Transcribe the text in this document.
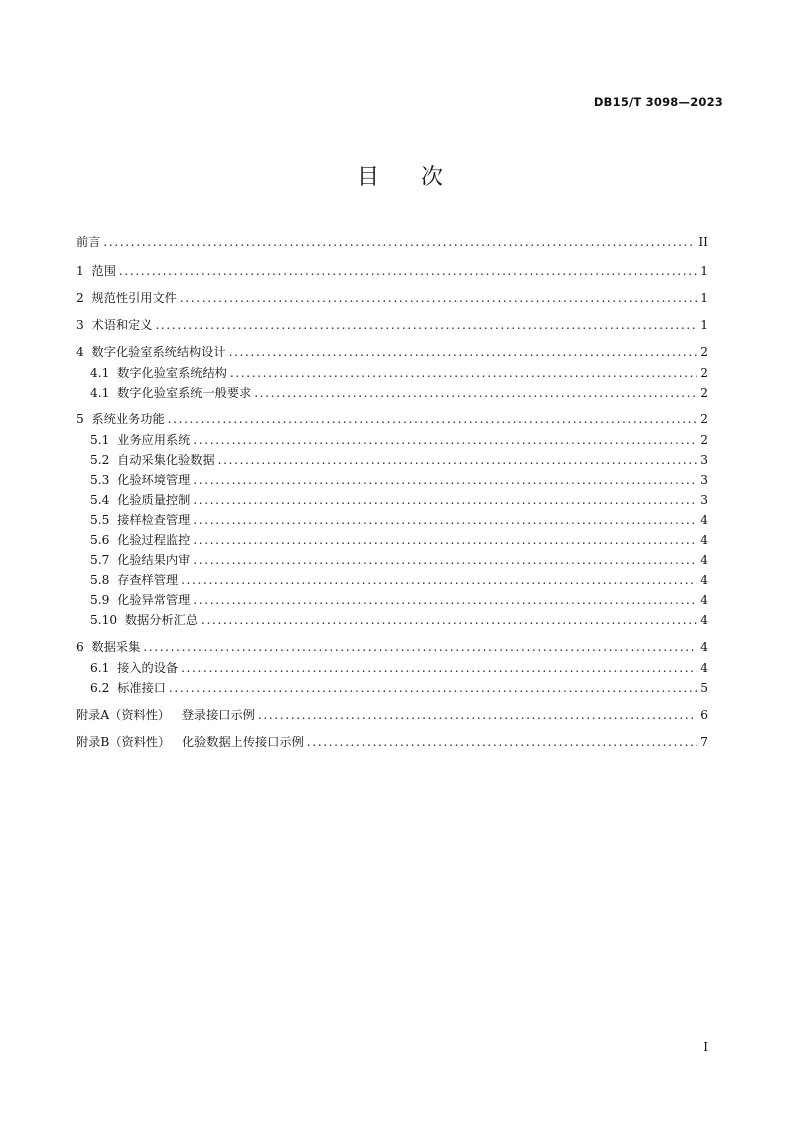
DB15/T 3098—2023
目 次
前言 .....	II
1 范围 .....	1
2 规范性引用文件 .....	1
3 术语和定义 .....	1
4 数字化验室系统结构设计 .....	2
4.1 数字化验室系统结构 .....	2
4.1 数字化验室系统一般要求 .....	2
5 系统业务功能 .....	2
5.1 业务应用系统 .....	2
5.2 自动采集化验数据 .....	3
5.3 化验环境管理 .....	3
5.4 化验质量控制 .....	3
5.5 接样检查管理 .....	4
5.6 化验过程监控 .....	4
5.7 化验结果内审 .....	4
5.8 存查样管理 .....	4
5.9 化验异常管理 .....	4
5.10 数据分析汇总 .....	4
6 数据采集 .....	4
6.1 接入的设备 .....	4
6.2 标准接口 .....	5
附录A（资料性）   登录接口示例 .....	6
附录B（资料性）   化验数据上传接口示例 .....	7
I
